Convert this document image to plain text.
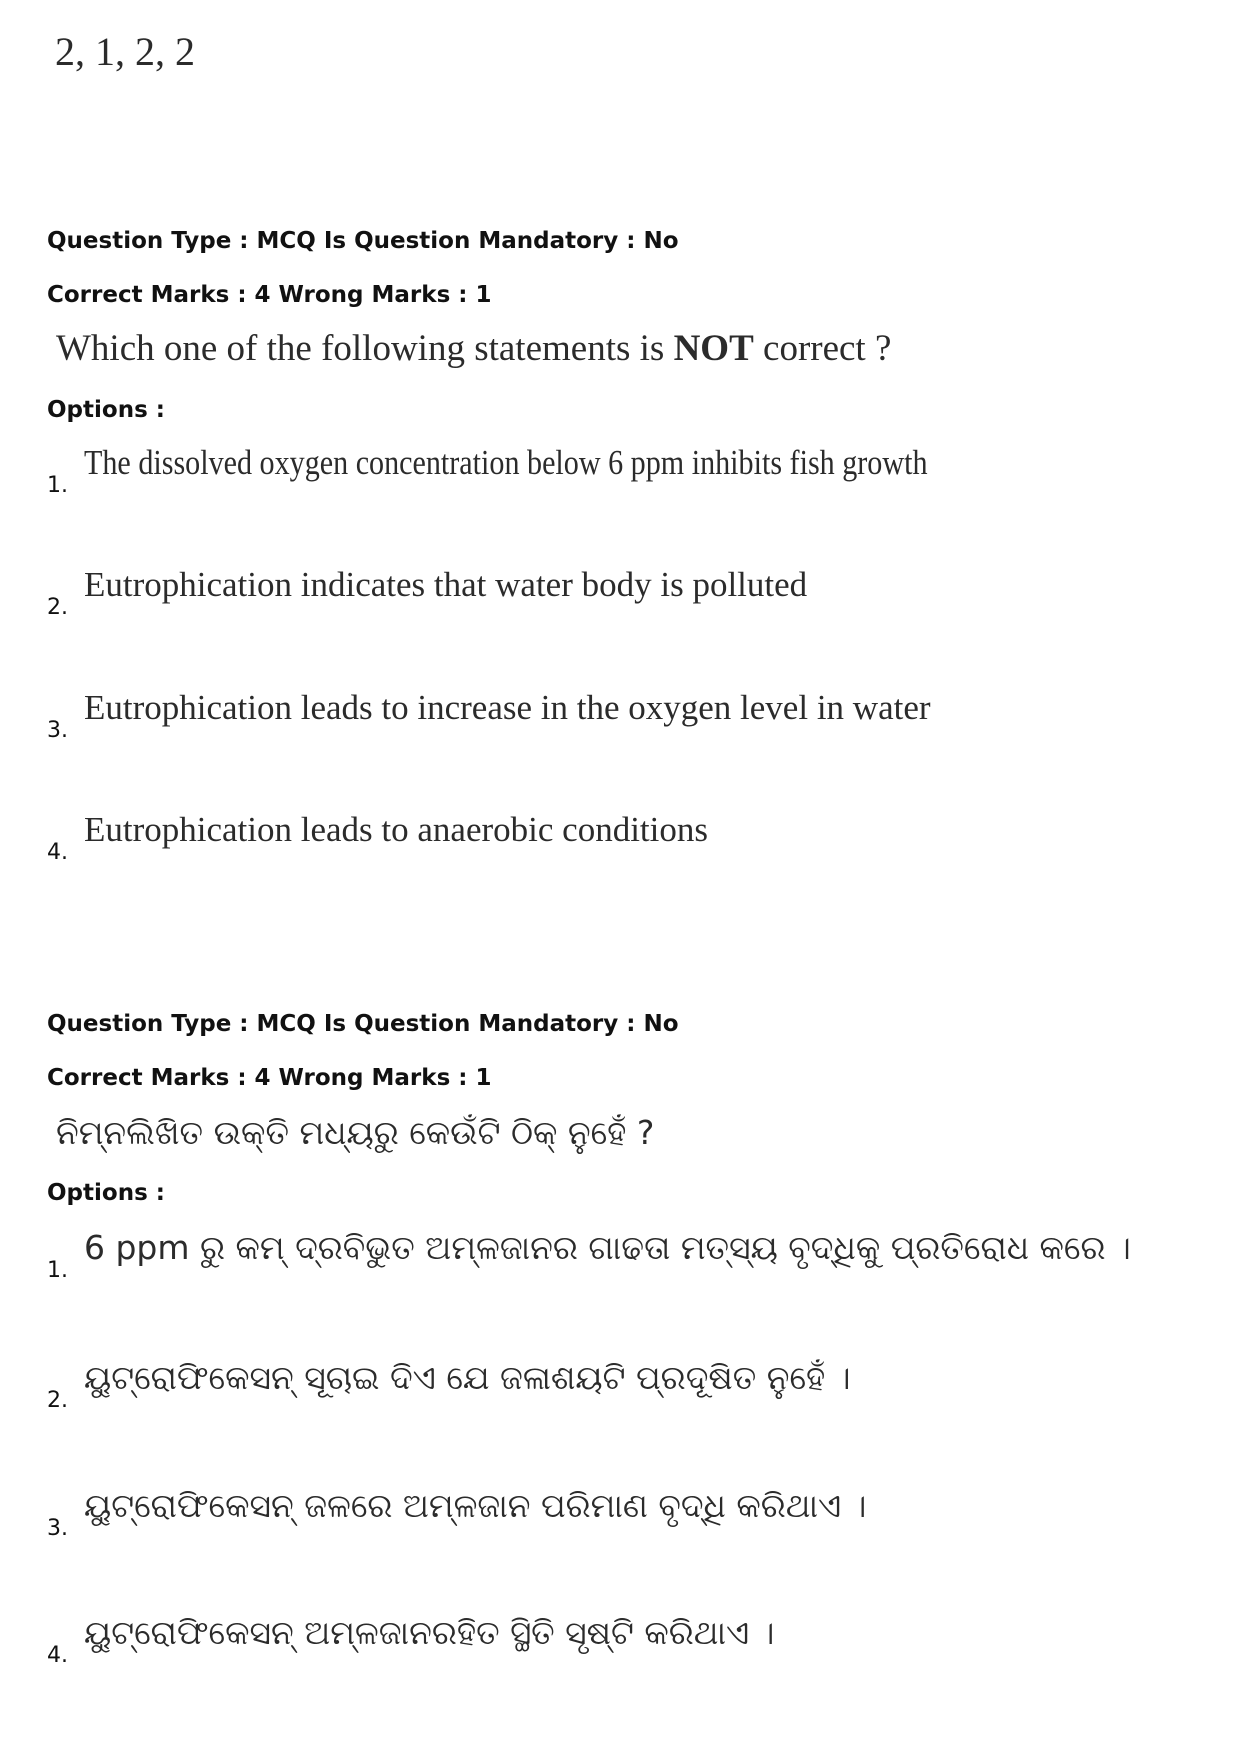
2, 1, 2, 2
Question Type : MCQ Is Question Mandatory : No
Correct Marks : 4 Wrong Marks : 1
Which one of the following statements is NOT correct ?
Options :
1.
The dissolved oxygen concentration below 6 ppm inhibits fish growth
2.
Eutrophication indicates that water body is polluted
3.
Eutrophication leads to increase in the oxygen level in water
4.
Eutrophication leads to anaerobic conditions
Question Type : MCQ Is Question Mandatory : No
Correct Marks : 4 Wrong Marks : 1
ନିମ୍ନଲିଖିତ ଉକ୍ତି ମଧ୍ୟରୁ କେଉଁଟି ଠିକ୍ ନୁହେଁ ?
Options :
1.
6 ppm ରୁ କମ୍ ଦ୍ରବିଭୁତ ଅମ୍ଳଜାନର ଗାଢତା ମତ୍ସ୍ୟ ବୃଦ୍ଧିକୁ ପ୍ରତିରୋଧ କରେ ।
2.
ୟୁଟ୍ରୋଫିକେସନ୍ ସୂଚାଇ ଦିଏ ଯେ ଜଳାଶୟଟି ପ୍ରଦୂଷିତ ନୁହେଁ ।
3.
ୟୁଟ୍ରୋଫିକେସନ୍ ଜଳରେ ଅମ୍ଳଜାନ ପରିମାଣ ବୃଦ୍ଧି କରିଥାଏ ।
4.
ୟୁଟ୍ରୋଫିକେସନ୍ ଅମ୍ଳଜାନରହିତ ସ୍ଥିତି ସୃଷ୍ଟି କରିଥାଏ ।
